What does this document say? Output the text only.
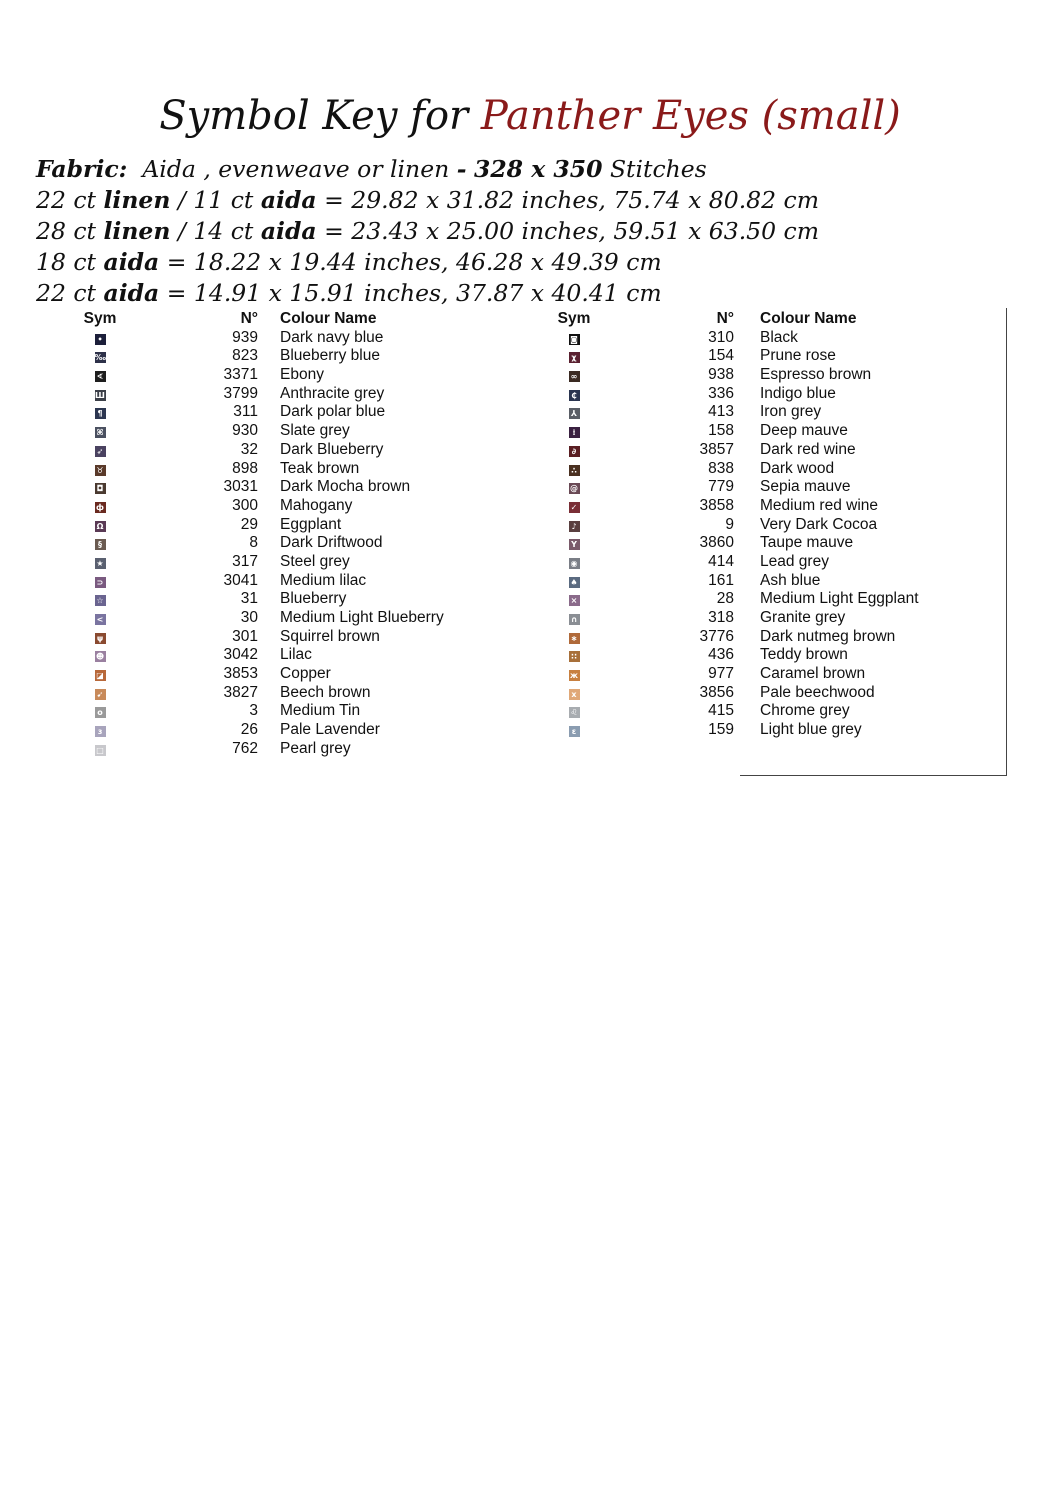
Symbol Key for Panther Eyes (small)
Fabric: Aida , evenweave or linen - 328 x 350 Stitches
22 ct linen / 11 ct aida = 29.82 x 31.82 inches, 75.74 x 80.82 cm
28 ct linen / 14 ct aida = 23.43 x 25.00 inches, 59.51 x 63.50 cm
18 ct aida = 18.22 x 19.44 inches, 46.28 x 49.39 cm
22 ct aida = 14.91 x 15.91 inches, 37.87 x 40.41 cm
Sym	N° Colour Name
•	939 Dark navy blue
‰	823 Blueberry blue
∢	3371 Ebony
Ш	3799 Anthracite grey
¶	311 Dark polar blue
⌘	930 Slate grey
➶	32 Dark Blueberry
♉	898 Teak brown
◘	3031 Dark Mocha brown
ф	300 Mahogany
Ω	29 Eggplant
§	8 Dark Driftwood
★	317 Steel grey
⊃	3041 Medium lilac
☆	31 Blueberry
<	30 Medium Light Blueberry
ψ	301 Squirrel brown
☻	3042 Lilac
◪	3853 Copper
➹	3827 Beech brown
o	3 Medium Tin
ɜ	26 Pale Lavender
□	762 Pearl grey
Sym	N° Colour Name
◙	310 Black
χ	154 Prune rose
∞	938 Espresso brown
₵	336 Indigo blue
⅄	413 Iron grey
⁞	158 Deep mauve
∂	3857 Dark red wine
∴	838 Dark wood
@	779 Sepia mauve
✓	3858 Medium red wine
♪	9 Very Dark Cocoa
Y	3860 Taupe mauve
◉	414 Lead grey
♠	161 Ash blue
×	28 Medium Light Eggplant
∩	318 Granite grey
∗	3776 Dark nutmeg brown
∷	436 Teddy brown
ж	977 Caramel brown
x	3856 Pale beechwood
♌	415 Chrome grey
ε	159 Light blue grey
